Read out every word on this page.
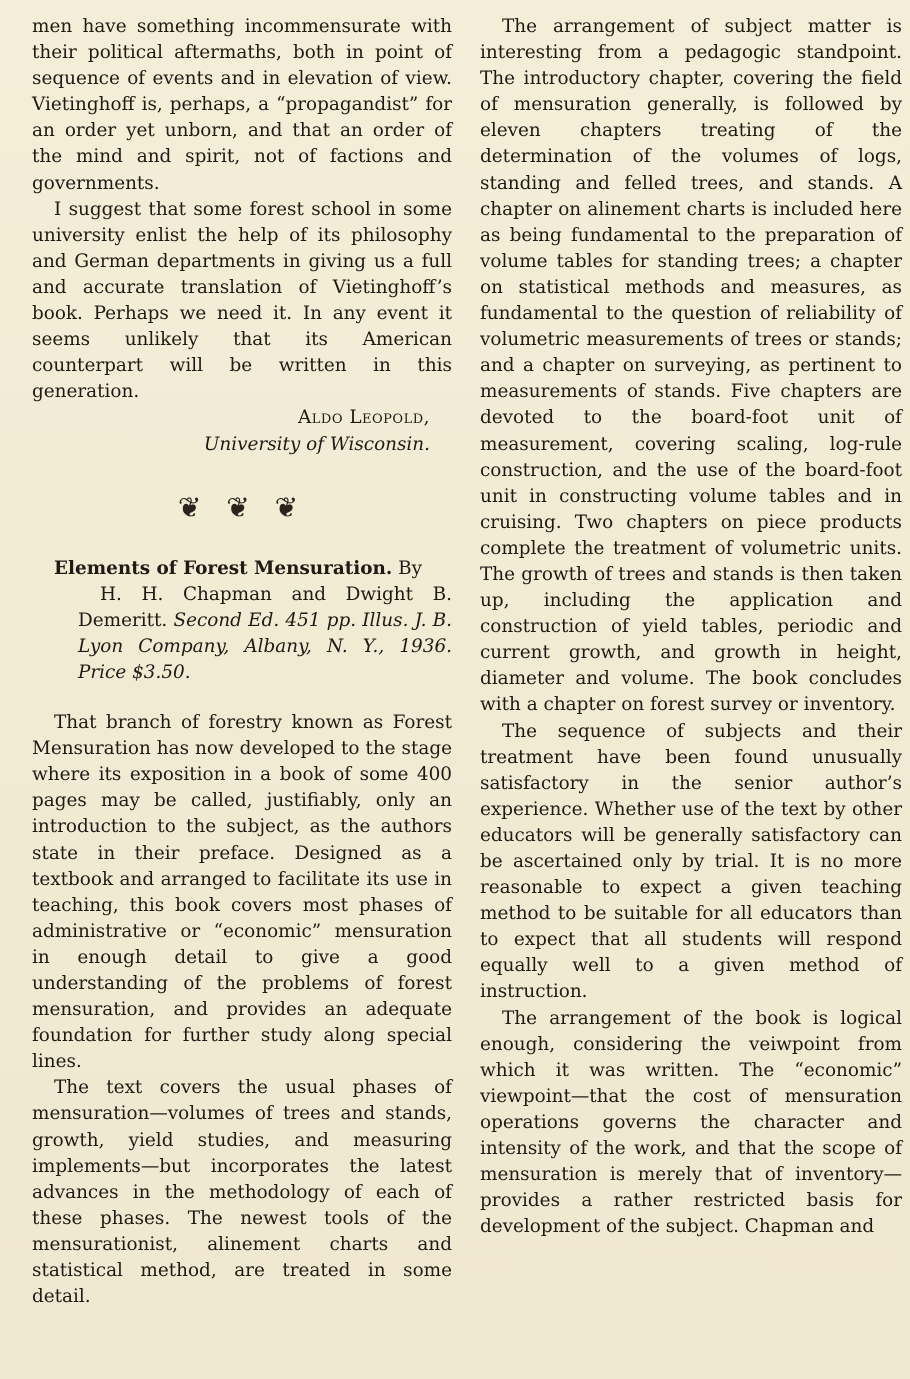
men have something incommensurate with their political aftermaths, both in point of sequence of events and in elevation of view. Vietinghoff is, perhaps, a “propagandist” for an order yet unborn, and that an order of the mind and spirit, not of factions and governments.

I suggest that some forest school in some university enlist the help of its philosophy and German departments in giving us a full and accurate translation of Vietinghoff’s book. Perhaps we need it. In any event it seems unlikely that its American counterpart will be written in this generation.

Aldo Leopold,
University of Wisconsin.

❦ ❦ ❦

Elements of Forest Mensuration. By
H. H. Chapman and Dwight B. Demeritt. Second Ed. 451 pp. Illus. J. B. Lyon Company, Albany, N. Y., 1936. Price $3.50.

That branch of forestry known as Forest Mensuration has now developed to the stage where its exposition in a book of some 400 pages may be called, justifiably, only an introduction to the subject, as the authors state in their preface. Designed as a textbook and arranged to facilitate its use in teaching, this book covers most phases of administrative or “economic” mensuration in enough detail to give a good understanding of the problems of forest mensuration, and provides an adequate foundation for further study along special lines.

The text covers the usual phases of mensuration—volumes of trees and stands, growth, yield studies, and measuring implements—but incorporates the latest advances in the methodology of each of these phases. The newest tools of the mensurationist, alinement charts and statistical method, are treated in some detail.

The arrangement of subject matter is interesting from a pedagogic standpoint. The introductory chapter, covering the field of mensuration generally, is followed by eleven chapters treating of the determination of the volumes of logs, standing and felled trees, and stands. A chapter on alinement charts is included here as being fundamental to the preparation of volume tables for standing trees; a chapter on statistical methods and measures, as fundamental to the question of reliability of volumetric measurements of trees or stands; and a chapter on surveying, as pertinent to measurements of stands. Five chapters are devoted to the board-foot unit of measurement, covering scaling, log-rule construction, and the use of the board-foot unit in constructing volume tables and in cruising. Two chapters on piece products complete the treatment of volumetric units. The growth of trees and stands is then taken up, including the application and construction of yield tables, periodic and current growth, and growth in height, diameter and volume. The book concludes with a chapter on forest survey or inventory.

The sequence of subjects and their treatment have been found unusually satisfactory in the senior author’s experience. Whether use of the text by other educators will be generally satisfactory can be ascertained only by trial. It is no more reasonable to expect a given teaching method to be suitable for all educators than to expect that all students will respond equally well to a given method of instruction.

The arrangement of the book is logical enough, considering the veiwpoint from which it was written. The “economic” viewpoint—that the cost of mensuration operations governs the character and intensity of the work, and that the scope of mensuration is merely that of inventory—provides a rather restricted basis for development of the subject. Chapman and
